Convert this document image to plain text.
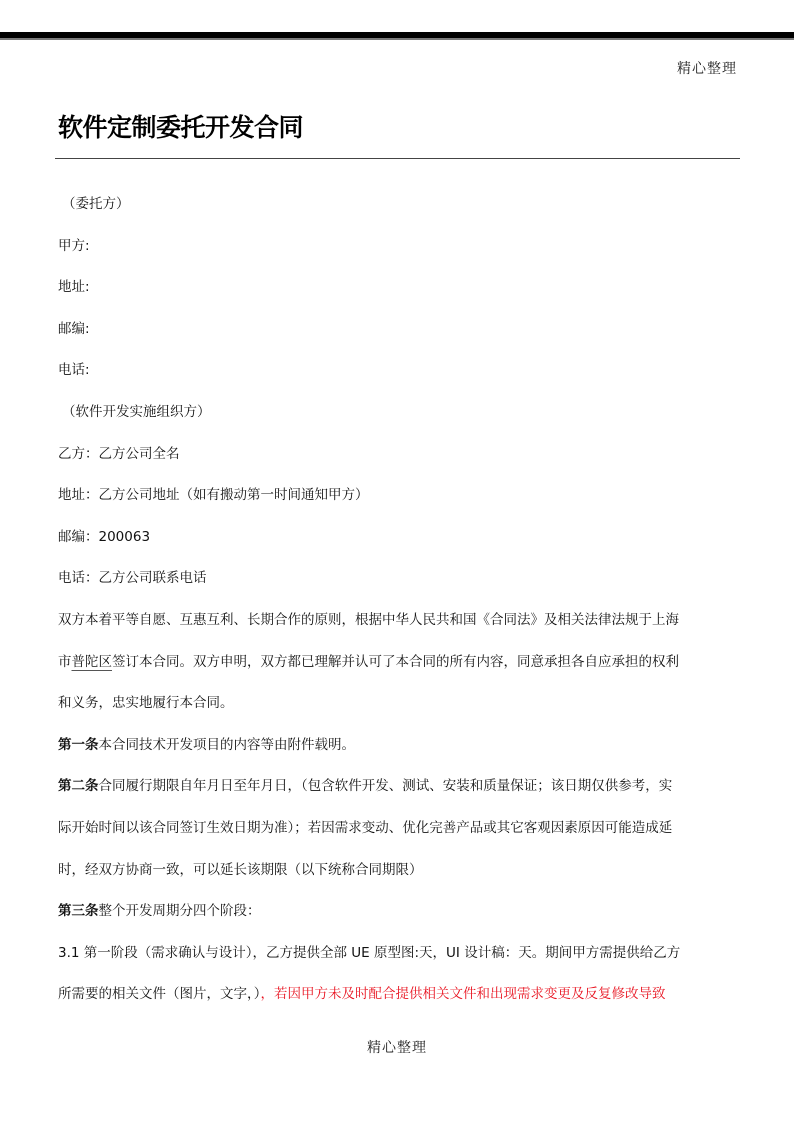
精心整理
软件定制委托开发合同
（委托方）
甲方:
地址:
邮编:
电话:
（软件开发实施组织方）
乙方：乙方公司全名
地址：乙方公司地址（如有搬动第一时间通知甲方）
邮编：200063
电话：乙方公司联系电话
双方本着平等自愿、互惠互利、长期合作的原则，根据中华人民共和国《合同法》及相关法律法规于上海
市普陀区签订本合同。双方申明，双方都已理解并认可了本合同的所有内容，同意承担各自应承担的权利
和义务，忠实地履行本合同。
第一条本合同技术开发项目的内容等由附件载明。
第二条合同履行期限自年月日至年月日，（包含软件开发、测试、安装和质量保证；该日期仅供参考，实
际开始时间以该合同签订生效日期为准）；若因需求变动、优化完善产品或其它客观因素原因可能造成延
时，经双方协商一致，可以延长该期限（以下统称合同期限）
第三条整个开发周期分四个阶段：
3.1 第一阶段（需求确认与设计），乙方提供全部 UE 原型图:天，UI 设计稿：天。期间甲方需提供给乙方
所需要的相关文件（图片，文字，），若因甲方未及时配合提供相关文件和出现需求变更及反复修改导致
精心整理
